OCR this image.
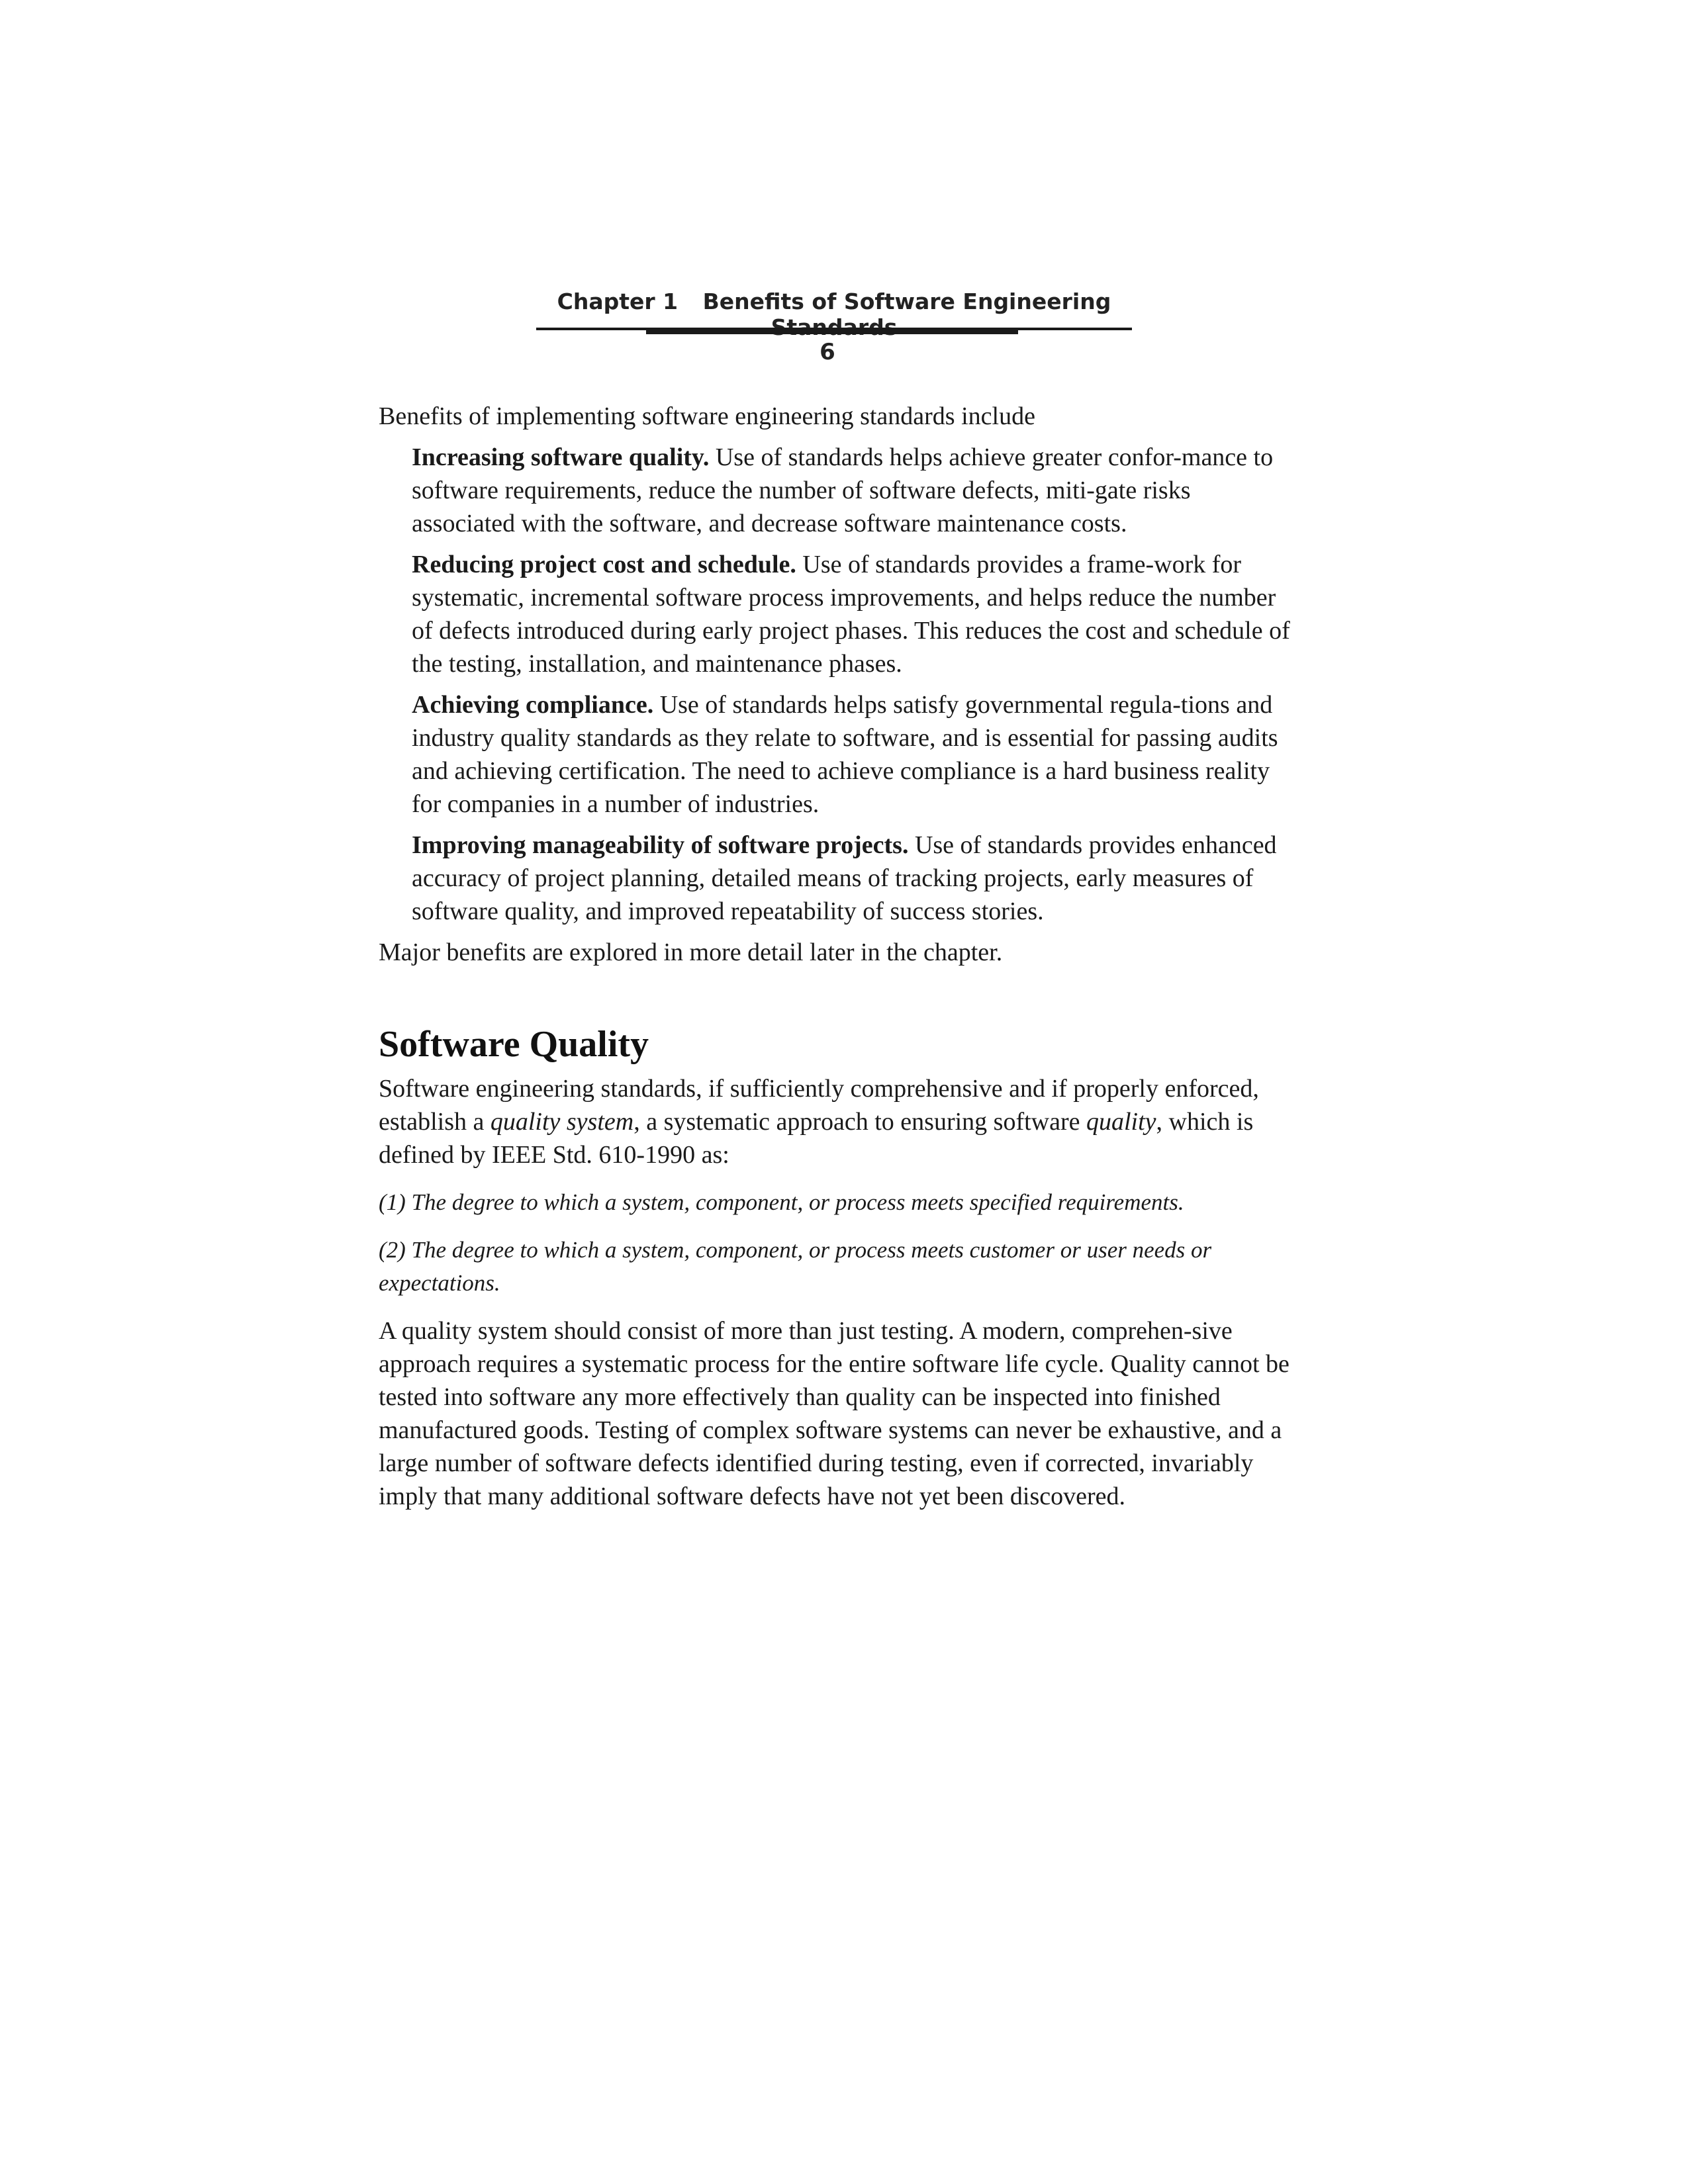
Chapter 1 Benefits of Software Engineering
6

Benefits of implementing software engineering standards include

Increasing software quality. Use of standards helps achieve greater confor-mance to software requirements, reduce the number of software defects, miti-gate risks associated with the software, and decrease software maintenance costs.

Reducing project cost and schedule. Use of standards provides a frame-work for systematic, incremental software process improvements, and helps reduce the number of defects introduced during early project phases. This reduces the cost and schedule of the testing, installation, and maintenance phases.

Achieving compliance. Use of standards helps satisfy governmental regula-tions and industry quality standards as they relate to software, and is essential for passing audits and achieving certification. The need to achieve compliance is a hard business reality for companies in a number of industries.

Improving manageability of software projects. Use of standards provides enhanced accuracy of project planning, detailed means of tracking projects, early measures of software quality, and improved repeatability of success stories.

Major benefits are explored in more detail later in the chapter.

Software Quality

Software engineering standards, if sufficiently comprehensive and if properly enforced, establish a quality system, a systematic approach to ensuring software quality, which is defined by IEEE Std. 610-1990 as:

(1) The degree to which a system, component, or process meets specified requirements.

(2) The degree to which a system, component, or process meets customer or user needs or expectations.

A quality system should consist of more than just testing. A modern, comprehen-sive approach requires a systematic process for the entire software life cycle. Quality cannot be tested into software any more effectively than quality can be inspected into finished manufactured goods. Testing of complex software systems can never be exhaustive, and a large number of software defects identified during testing, even if corrected, invariably imply that many additional software defects have not yet been discovered.
